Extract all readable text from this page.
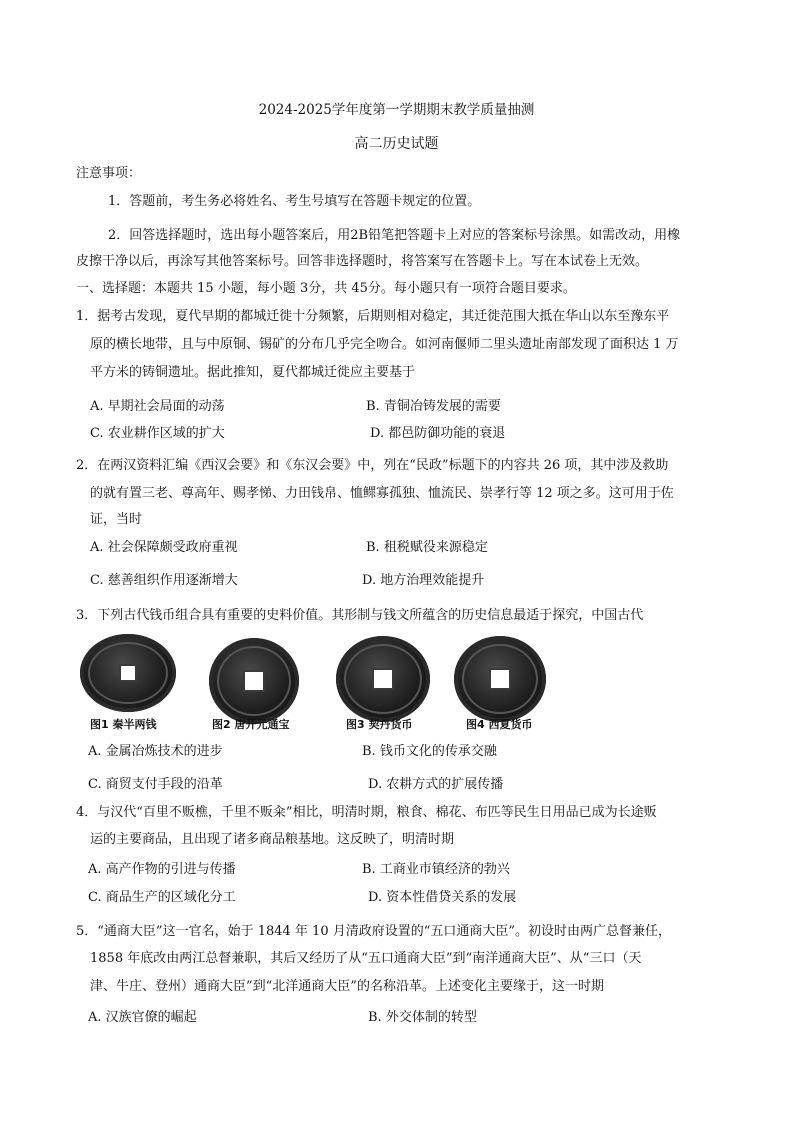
2024-2025学年度第一学期期末教学质量抽测
高二历史试题
注意事项：
1．答题前，考生务必将姓名、考生号填写在答题卡规定的位置。
2．回答选择题时，选出每小题答案后，用2B铅笔把答题卡上对应的答案标号涂黑。如需改动，用橡
皮擦干净以后，再涂写其他答案标号。回答非选择题时，将答案写在答题卡上。写在本试卷上无效。
一、选择题：本题共 15 小题，每小题 3分，共 45分。每小题只有一项符合题目要求。
1．据考古发现，夏代早期的都城迁徙十分频繁，后期则相对稳定，其迁徙范围大抵在华山以东至豫东平
原的横长地带，且与中原铜、锡矿的分布几乎完全吻合。如河南偃师二里头遗址南部发现了面积达 1 万
平方米的铸铜遗址。据此推知，夏代都城迁徙应主要基于
A. 早期社会局面的动荡	B. 青铜冶铸发展的需要
C. 农业耕作区域的扩大	D. 都邑防御功能的衰退
2．在两汉资料汇编《西汉会要》和《东汉会要》中，列在“民政”标题下的内容共 26 项，其中涉及救助
的就有置三老、尊高年、赐孝悌、力田钱帛、恤鳏寡孤独、恤流民、崇孝行等 12 项之多。这可用于佐
证，当时
A. 社会保障颇受政府重视	B. 租税赋役来源稳定
C. 慈善组织作用逐渐增大	D. 地方治理效能提升
3．下列古代钱币组合具有重要的史料价值。其形制与钱文所蕴含的历史信息最适于探究，中国古代
图1 秦半两钱	图2 唐开元通宝	图3 契丹货币	图4 西夏货币
A. 金属冶炼技术的进步	B. 钱币文化的传承交融
C. 商贸支付手段的沿革	D. 农耕方式的扩展传播
4．与汉代“百里不贩樵，千里不贩籴”相比，明清时期，粮食、棉花、布匹等民生日用品已成为长途贩
运的主要商品，且出现了诸多商品粮基地。这反映了，明清时期
A. 高产作物的引进与传播	B. 工商业市镇经济的勃兴
C. 商品生产的区域化分工	D. 资本性借贷关系的发展
5．“通商大臣”这一官名，始于 1844 年 10 月清政府设置的“五口通商大臣”。初设时由两广总督兼任，
1858 年底改由两江总督兼职，其后又经历了从“五口通商大臣”到“南洋通商大臣”、从“三口（天
津、牛庄、登州）通商大臣”到“北洋通商大臣”的名称沿革。上述变化主要缘于，这一时期
A. 汉族官僚的崛起	B. 外交体制的转型
